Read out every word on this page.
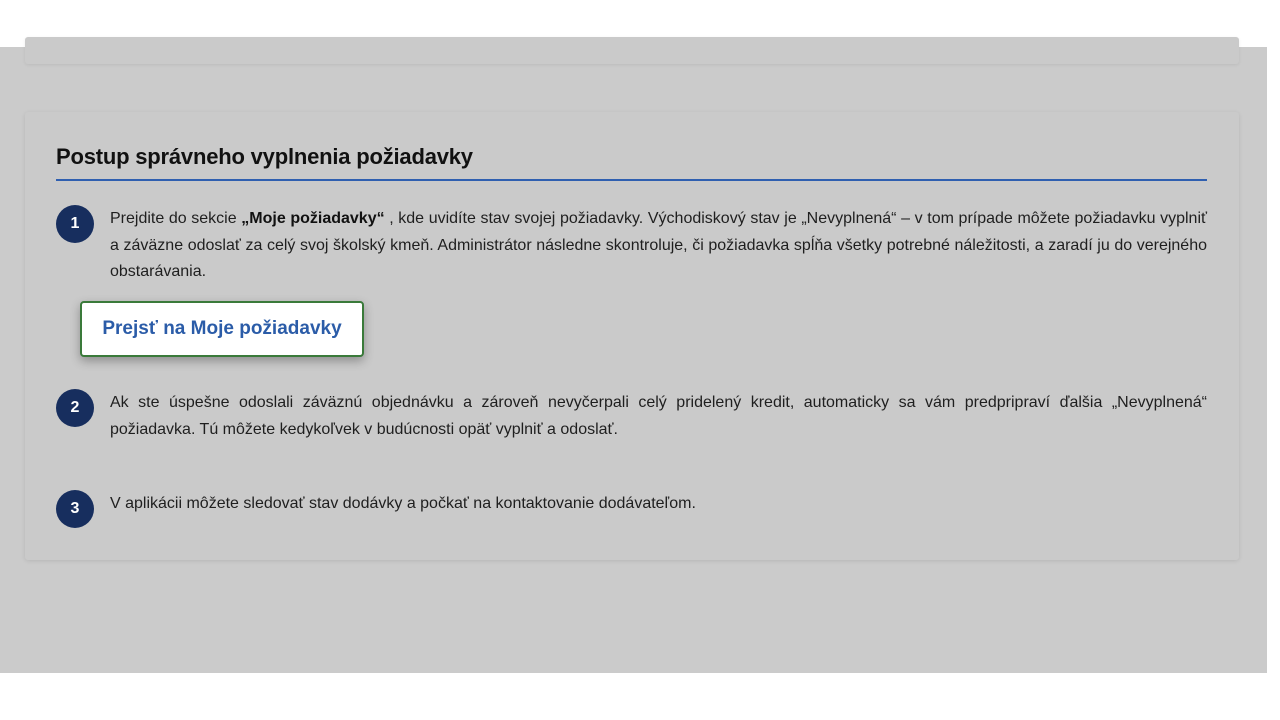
Postup správneho vyplnenia požiadavky
1	Prejdite do sekcie „Moje požiadavky“ , kde uvidíte stav svojej požiadavky. Východiskový stav je „Nevyplnená“ – v tom prípade môžete požiadavku vyplniť a záväzne odoslať za celý svoj školský kmeň. Administrátor následne skontroluje, či požiadavka spĺňa všetky potrebné náležitosti, a zaradí ju do verejného obstarávania.

Prejsť na Moje požiadavky
2	Ak ste úspešne odoslali záväznú objednávku a zároveň nevyčerpali celý pridelený kredit, automaticky sa vám predpripraví ďalšia „Nevyplnená“ požiadavka. Tú môžete kedykoľvek v budúcnosti opäť vyplniť a odoslať.

3	V aplikácii môžete sledovať stav dodávky a počkať na kontaktovanie dodávateľom.
